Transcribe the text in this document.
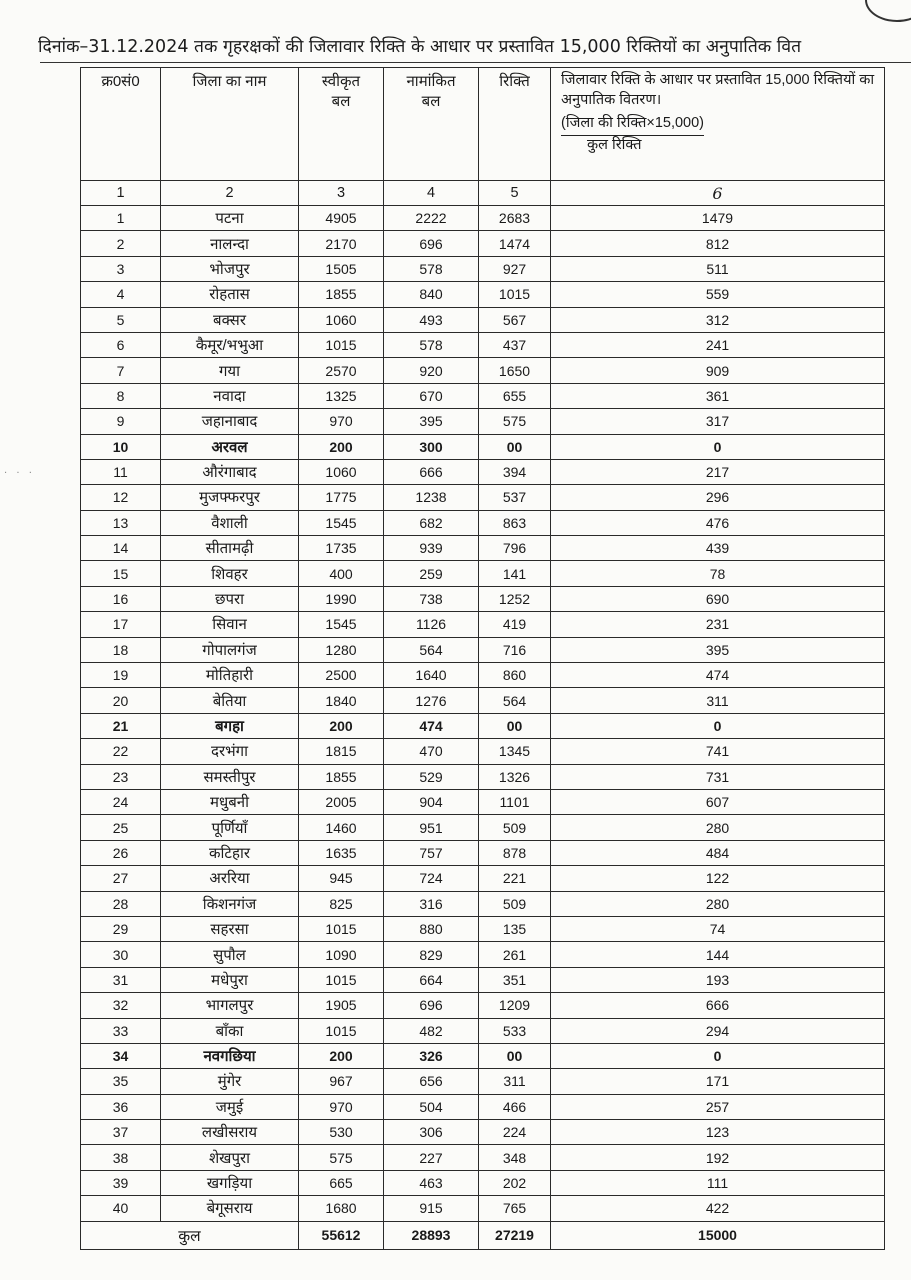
दिनांक–31.12.2024 तक गृहरक्षकों की जिलावार रिक्ति के आधार पर प्रस्तावित 15,000 रिक्तियों का अनुपातिक वित
· · ·
क्र0सं0	जिला का नाम	स्वीकृत बल	नामांकित बल	रिक्ति	जिलावार रिक्ति के आधार पर प्रस्तावित 15,000 रिक्तियों का अनुपातिक वितरण।
(जिला की रिक्ति×15,000)
कुल रिक्ति

1	2	3	4	5	6
1	पटना	4905	2222	2683	1479
2	नालन्दा	2170	696	1474	812
3	भोजपुर	1505	578	927	511
4	रोहतास	1855	840	1015	559
5	बक्सर	1060	493	567	312
6	कैमूर/भभुआ	1015	578	437	241
7	गया	2570	920	1650	909
8	नवादा	1325	670	655	361
9	जहानाबाद	970	395	575	317
10	अरवल	200	300	00	0
11	औरंगाबाद	1060	666	394	217
12	मुजफ्फरपुर	1775	1238	537	296
13	वैशाली	1545	682	863	476
14	सीतामढ़ी	1735	939	796	439
15	शिवहर	400	259	141	78
16	छपरा	1990	738	1252	690
17	सिवान	1545	1126	419	231
18	गोपालगंज	1280	564	716	395
19	मोतिहारी	2500	1640	860	474
20	बेतिया	1840	1276	564	311
21	बगहा	200	474	00	0
22	दरभंगा	1815	470	1345	741
23	समस्तीपुर	1855	529	1326	731
24	मधुबनी	2005	904	1101	607
25	पूर्णियाँ	1460	951	509	280
26	कटिहार	1635	757	878	484
27	अररिया	945	724	221	122
28	किशनगंज	825	316	509	280
29	सहरसा	1015	880	135	74
30	सुपौल	1090	829	261	144
31	मधेपुरा	1015	664	351	193
32	भागलपुर	1905	696	1209	666
33	बाँका	1015	482	533	294
34	नवगछिया	200	326	00	0
35	मुंगेर	967	656	311	171
36	जमुई	970	504	466	257
37	लखीसराय	530	306	224	123
38	शेखपुरा	575	227	348	192
39	खगड़िया	665	463	202	111
40	बेगूसराय	1680	915	765	422
कुल		55612	28893	27219	15000
